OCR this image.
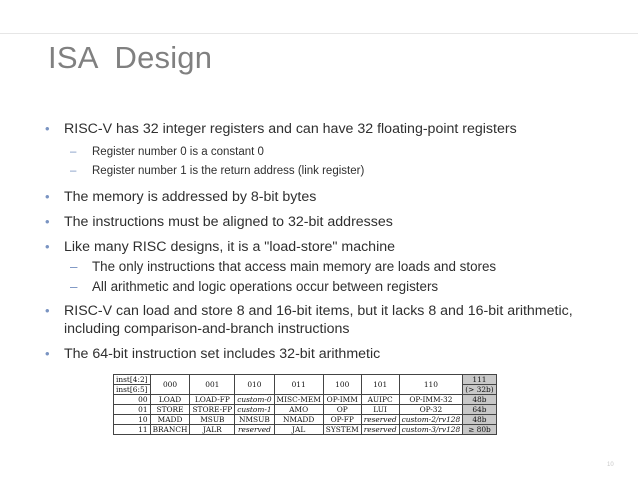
ISA  Design
• RISC-V has 32 integer registers and can have 32 floating-point registers
– Register number 0 is a constant 0
– Register number 1 is the return address (link register)
• The memory is addressed by 8-bit bytes
• The instructions must be aligned to 32-bit addresses
• Like many RISC designs, it is a "load-store" machine
– The only instructions that access main memory are loads and stores
– All arithmetic and logic operations occur between registers
• RISC-V can load and store 8 and 16-bit items, but it lacks 8 and 16-bit arithmetic,
including comparison-and-branch instructions
• The 64-bit instruction set includes 32-bit arithmetic
inst[4:2]	000	001	010	011	100	101	110	111
inst[6:5]								(> 32b)
00	LOAD	LOAD-FP	custom-0	MISC-MEM	OP-IMM	AUIPC	OP-IMM-32	48b
01	STORE	STORE-FP	custom-1	AMO	OP	LUI	OP-32	64b
10	MADD	MSUB	NMSUB	NMADD	OP-FP	reserved	custom-2/rv128	48b
11	BRANCH	JALR	reserved	JAL	SYSTEM	reserved	custom-3/rv128	≥ 80b
10
